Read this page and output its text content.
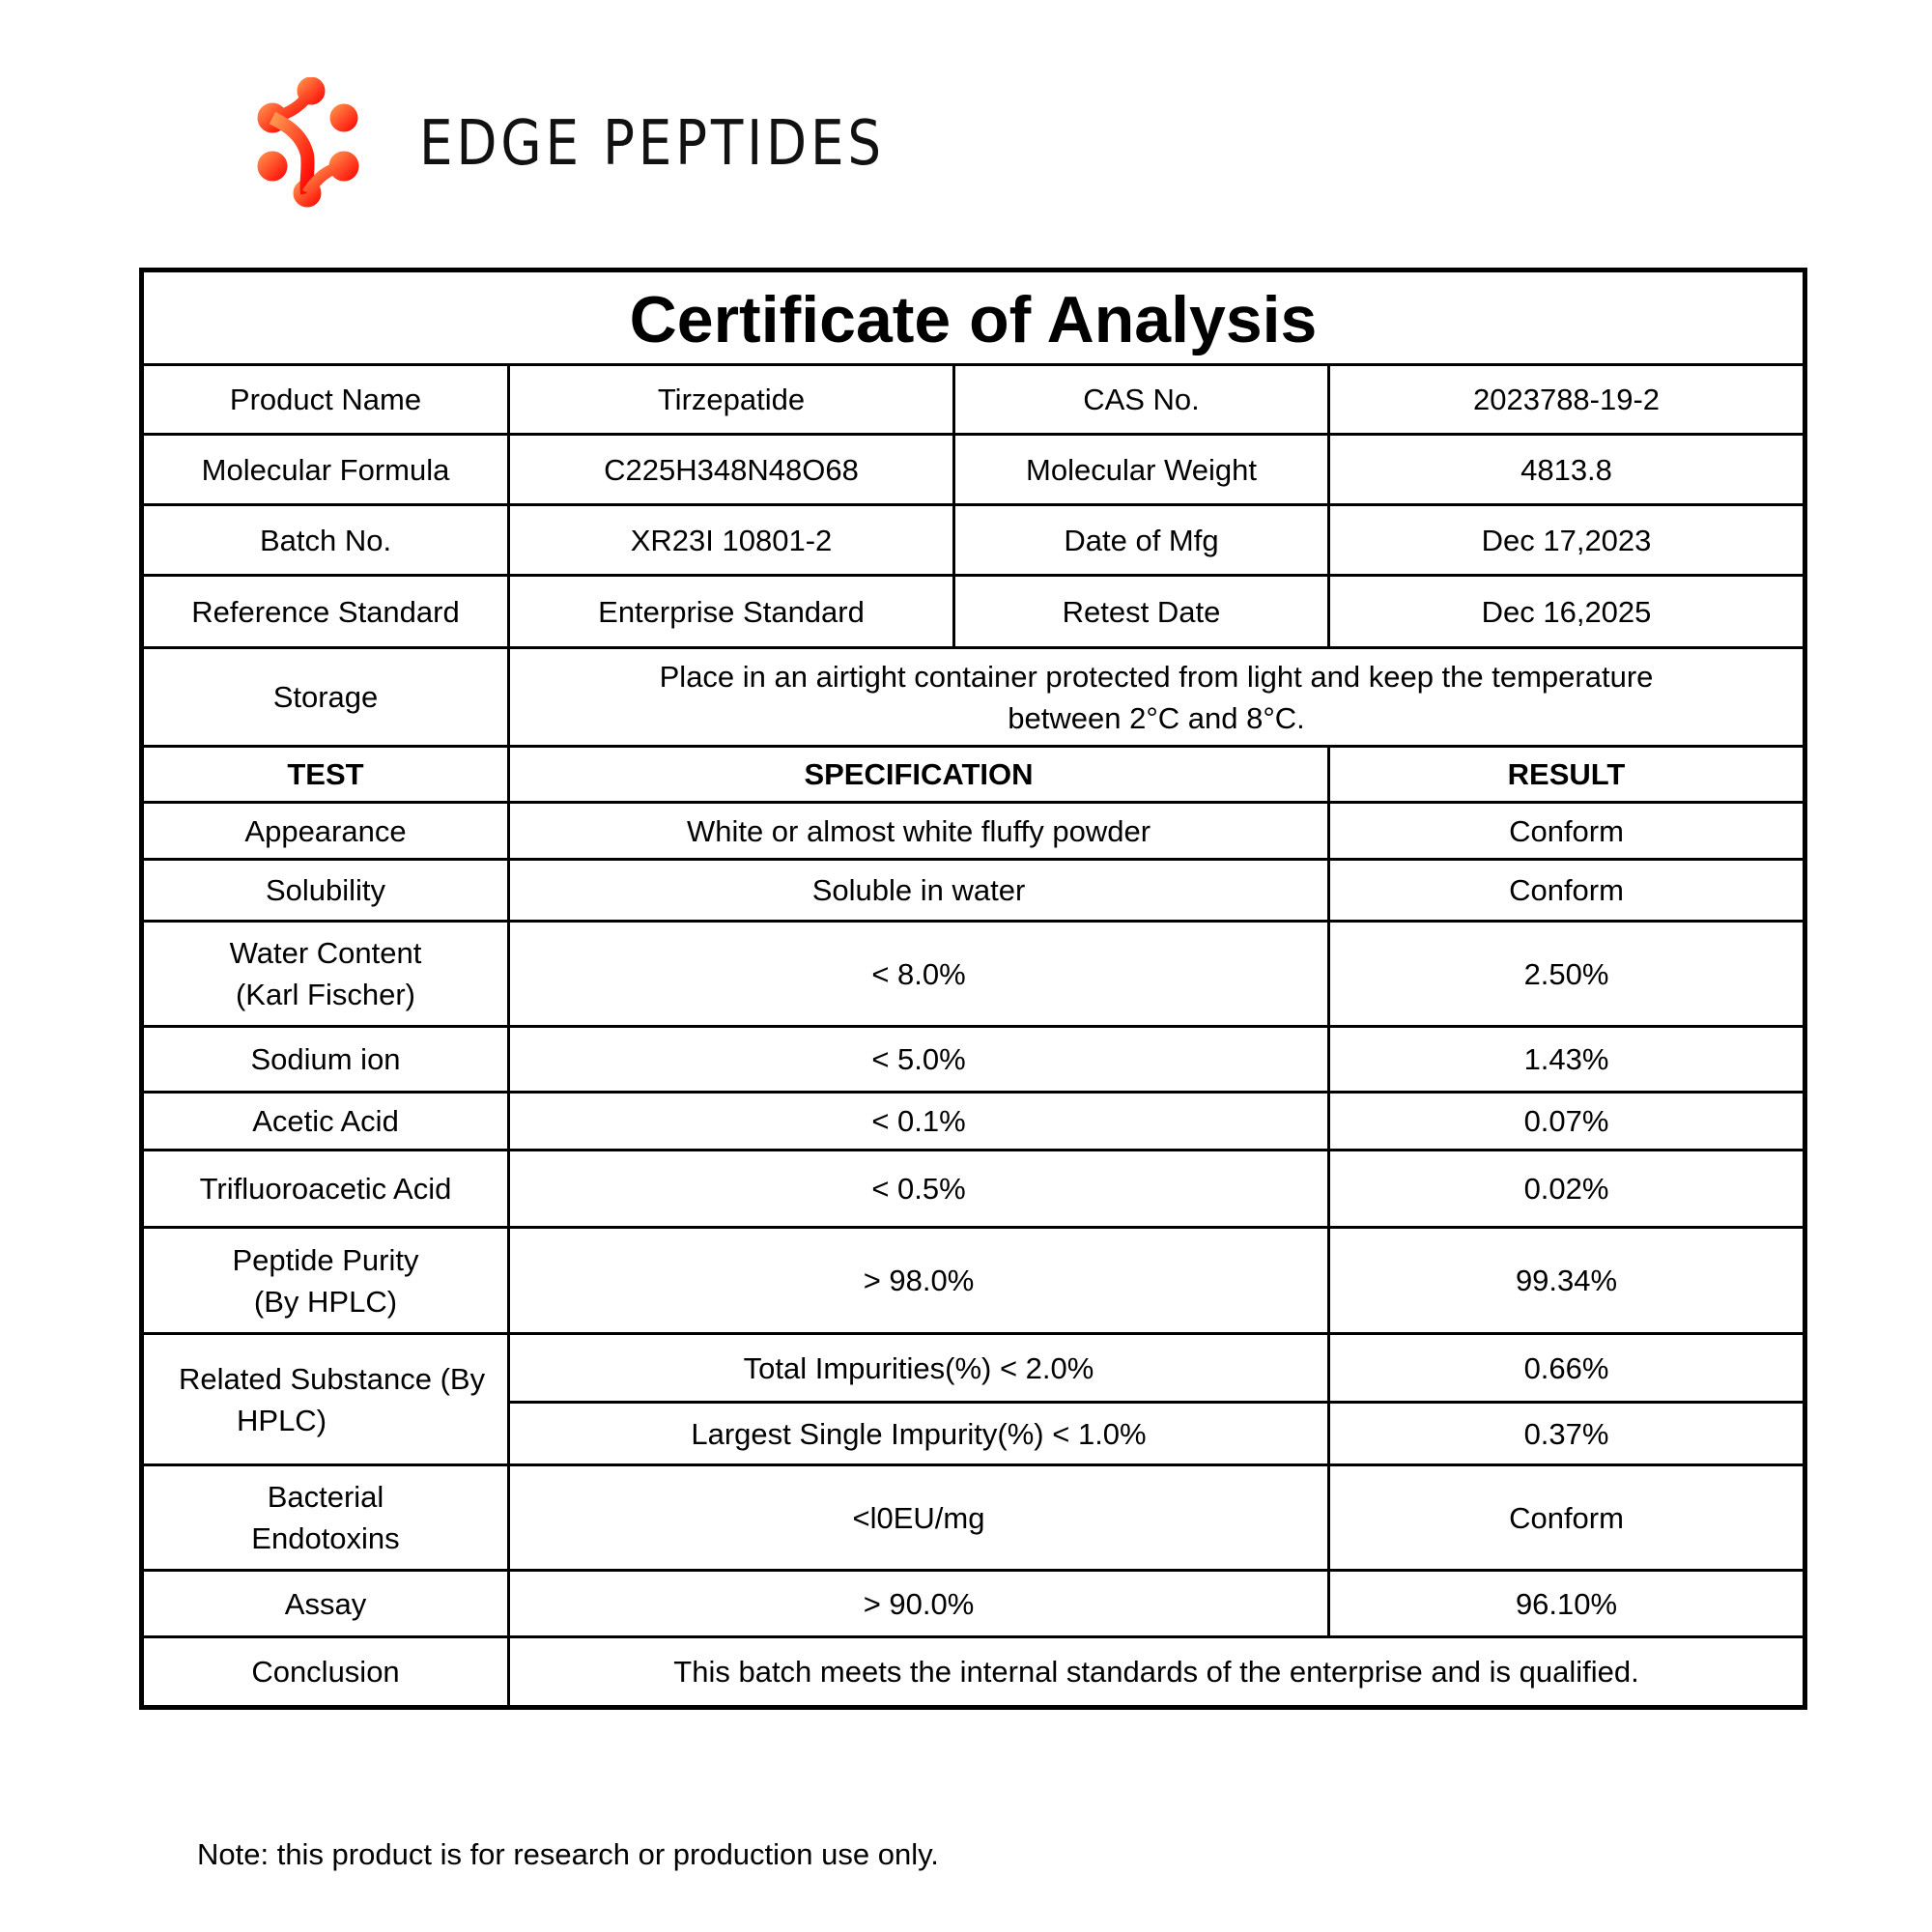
EDGE PEPTIDES
Certificate of Analysis			
Product Name	Tirzepatide	CAS No.	2023788-19-2
Molecular Formula	C225H348N48O68	Molecular Weight	4813.8
Batch No.	XR23I 10801-2	Date of Mfg	Dec 17,2023
Reference Standard	Enterprise Standard	Retest Date	Dec 16,2025
Storage	Place in an airtight container protected from light and keep the temperature
between 2°C and 8°C.		

TEST	SPECIFICATION		RESULT
Appearance	White or almost white fluffy powder		Conform
Solubility	Soluble in water		Conform

Water Content
(Karl Fischer)	< 8.0%		2.50%
Sodium ion	< 5.0%		1.43%
Acetic Acid	< 0.1%		0.07%
Trifluoroacetic Acid	< 0.5%		0.02%

Peptide Purity
(By HPLC)	> 98.0%		99.34%

Related Substance (By
HPLC)	Total Impurities(%) < 2.0%		0.66%
	Largest Single Impurity(%) < 1.0%		0.37%

Bacterial
Endotoxins	<l0EU/mg		Conform
Assay	> 90.0%		96.10%
Conclusion	This batch meets the internal standards of the enterprise and is qualified.		
Note: this product is for research or production use only.
